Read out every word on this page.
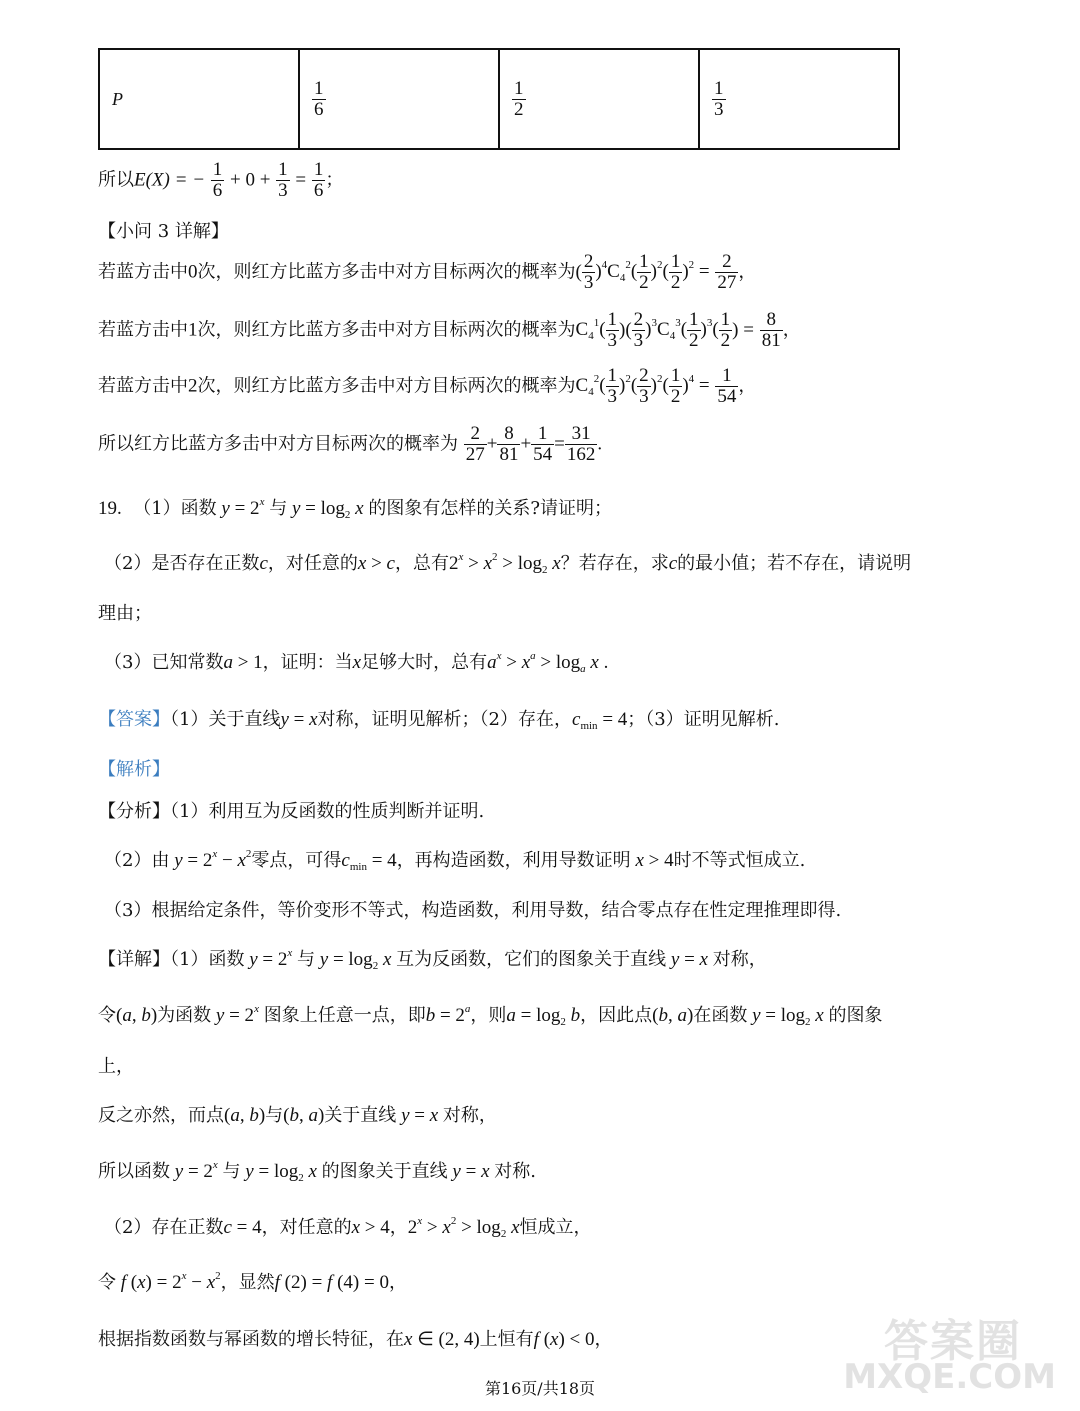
P	$\frac{1}{6}$	$\frac{1}{2}$	$\frac{1}{3}$
所以E(X) = − $\frac{1}{6} + 0 + \frac{1}{3} = \frac{1}{6}$ ；
【小问 3 详解】
若蓝方击中0次，则红方比蓝方多击中对方目标两次的概率为( $\frac{2}{3} )^4C_4^2( \frac{1}{2} )^2( \frac{1}{2} )^2 = \frac{2}{27}$ ，
若蓝方击中1次，则红方比蓝方多击中对方目标两次的概率为$C_4^1( \frac{1}{3}$ )( $\frac{2}{3} )^3C_4^3( \frac{1}{2} )^3( \frac{1}{2}$ ) = $\frac{8}{81}$ ，
若蓝方击中2次，则红方比蓝方多击中对方目标两次的概率为$C_4^2( \frac{1}{3} )^2( \frac{2}{3} )^2( \frac{1}{2} )^4 = \frac{1}{54}$ ，
所以红方比蓝方多击中对方目标两次的概率为 $\frac{2}{27} + \frac{8}{81} + \frac{1}{54} = \frac{31}{162}$ .
19. （1）函数 $y = 2^x$ 与 $y = \log_2 x$ 的图象有怎样的关系?请证明；
（2）是否存在正数c，对任意的x > c，总有$2^x > x^2 > \log_2 x$？若存在，求c的最小值；若不存在，请说明
理由；
（3）已知常数a > 1，证明：当x足够大时，总有$a^x > x^a > \log_a x$ .
【答案】（1）关于直线y = x对称，证明见解析；（2）存在，$c_{min} = 4$；（3）证明见解析.
【解析】
【分析】（1）利用互为反函数的性质判断并证明.
（2）由 $y = 2^x - x^2$零点，可得$c_{min} = 4$，再构造函数，利用导数证明 x > 4时不等式恒成立.
（3）根据给定条件，等价变形不等式，构造函数，利用导数，结合零点存在性定理推理即得.
【详解】（1）函数 $y = 2^x$ 与 $y = \log_2 x$ 互为反函数，它们的图象关于直线 y = x 对称，
令(a, b)为函数 $y = 2^x$ 图象上任意一点，即$b = 2^a$，则$a = \log_2 b$，因此点(b, a)在函数 $y = \log_2 x$ 的图象
上，
反之亦然，而点(a, b)与(b, a)关于直线 y = x 对称，
所以函数 $y = 2^x$ 与 $y = \log_2 x$ 的图象关于直线 y = x 对称.
（2）存在正数c = 4，对任意的x > 4，$2^x > x^2 > \log_2 x$恒成立，
令 f $(x) = 2^x - x^2$，显然f (2) = f (4) = 0，
根据指数函数与幂函数的增长特征，在x ∈ (2, 4)上恒有f (x) < 0，
第16页/共18页
答案圈
MXQE.COM
